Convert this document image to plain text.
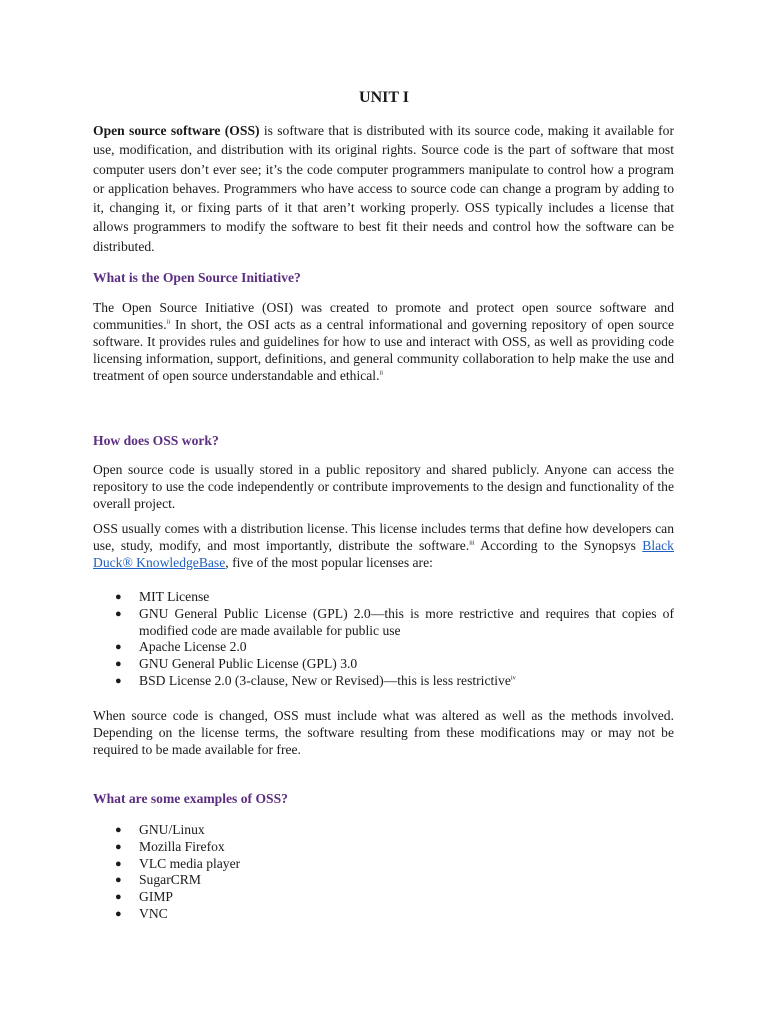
UNIT I

Open source software (OSS) is software that is distributed with its source code, making it available for use, modification, and distribution with its original rights. Source code is the part of software that most computer users don’t ever see; it’s the code computer programmers manipulate to control how a program or application behaves. Programmers who have access to source code can change a program by adding to it, changing it, or fixing parts of it that aren’t working properly. OSS typically includes a license that allows programmers to modify the software to best fit their needs and control how the software can be distributed.

What is the Open Source Initiative?

The Open Source Initiative (OSI) was created to promote and protect open source software and communities.$^{ii}$ In short, the OSI acts as a central informational and governing repository of open source software. It provides rules and guidelines for how to use and interact with OSS, as well as providing code licensing information, support, definitions, and general community collaboration to help make the use and treatment of open source understandable and ethical.$^{ii}$

How does OSS work?

Open source code is usually stored in a public repository and shared publicly. Anyone can access the repository to use the code independently or contribute improvements to the design and functionality of the overall project.

OSS usually comes with a distribution license. This license includes terms that define how developers can use, study, modify, and most importantly, distribute the software.$^{iii}$ According to the Synopsys Black Duck® KnowledgeBase, five of the most popular licenses are:

● MIT License
● GNU General Public License (GPL) 2.0—this is more restrictive and requires that copies of modified code are made available for public use
● Apache License 2.0
● GNU General Public License (GPL) 3.0
● BSD License 2.0 (3-clause, New or Revised)—this is less restrictive$^{iv}$

When source code is changed, OSS must include what was altered as well as the methods involved. Depending on the license terms, the software resulting from these modifications may or may not be required to be made available for free.

What are some examples of OSS?
● GNU/Linux
● Mozilla Firefox
● VLC media player
● SugarCRM
● GIMP
● VNC
